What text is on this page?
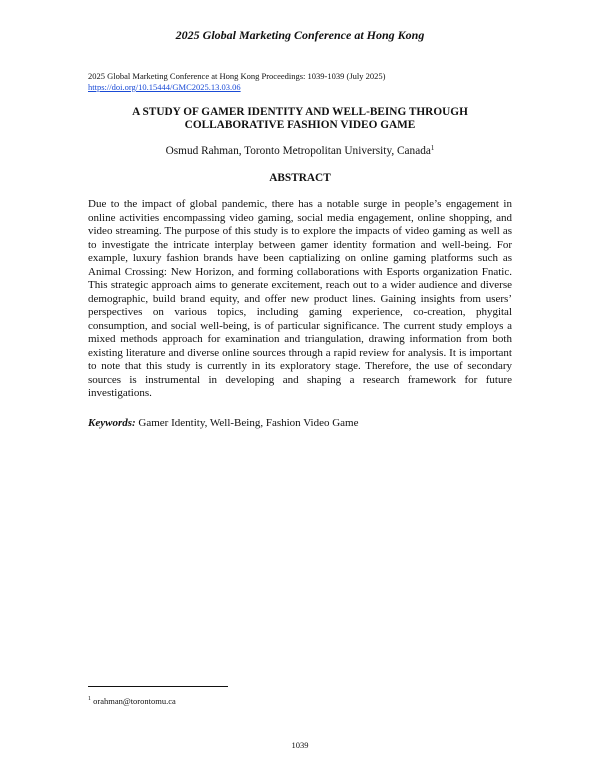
2025 Global Marketing Conference at Hong Kong
2025 Global Marketing Conference at Hong Kong Proceedings: 1039-1039 (July 2025)
https://doi.org/10.15444/GMC2025.13.03.06
A STUDY OF GAMER IDENTITY AND WELL-BEING THROUGH
COLLABORATIVE FASHION VIDEO GAME
Osmud Rahman, Toronto Metropolitan University, Canada$^1$
ABSTRACT
Due to the impact of global pandemic, there has a notable surge in people’s engagement in online activities encompassing video gaming, social media engagement, online shopping, and video streaming. The purpose of this study is to explore the impacts of video gaming as well as to investigate the intricate interplay between gamer identity formation and well-being. For example, luxury fashion brands have been captializing on online gaming platforms such as Animal Crossing: New Horizon, and forming collaborations with Esports organization Fnatic. This strategic approach aims to generate excitement, reach out to a wider audience and diverse demographic, build brand equity, and offer new product lines. Gaining insights from users’ perspectives on various topics, including gaming experience, co-creation, phygital consumption, and social well-being, is of particular significance. The current study employs a mixed methods approach for examination and triangulation, drawing information from both existing literature and diverse online sources through a rapid review for analysis. It is important to note that this study is currently in its exploratory stage. Therefore, the use of secondary sources is instrumental in developing and shaping a research framework for future investigations.
Keywords: Gamer Identity, Well-Being, Fashion Video Game
$^1$ orahman@torontomu.ca
1039
